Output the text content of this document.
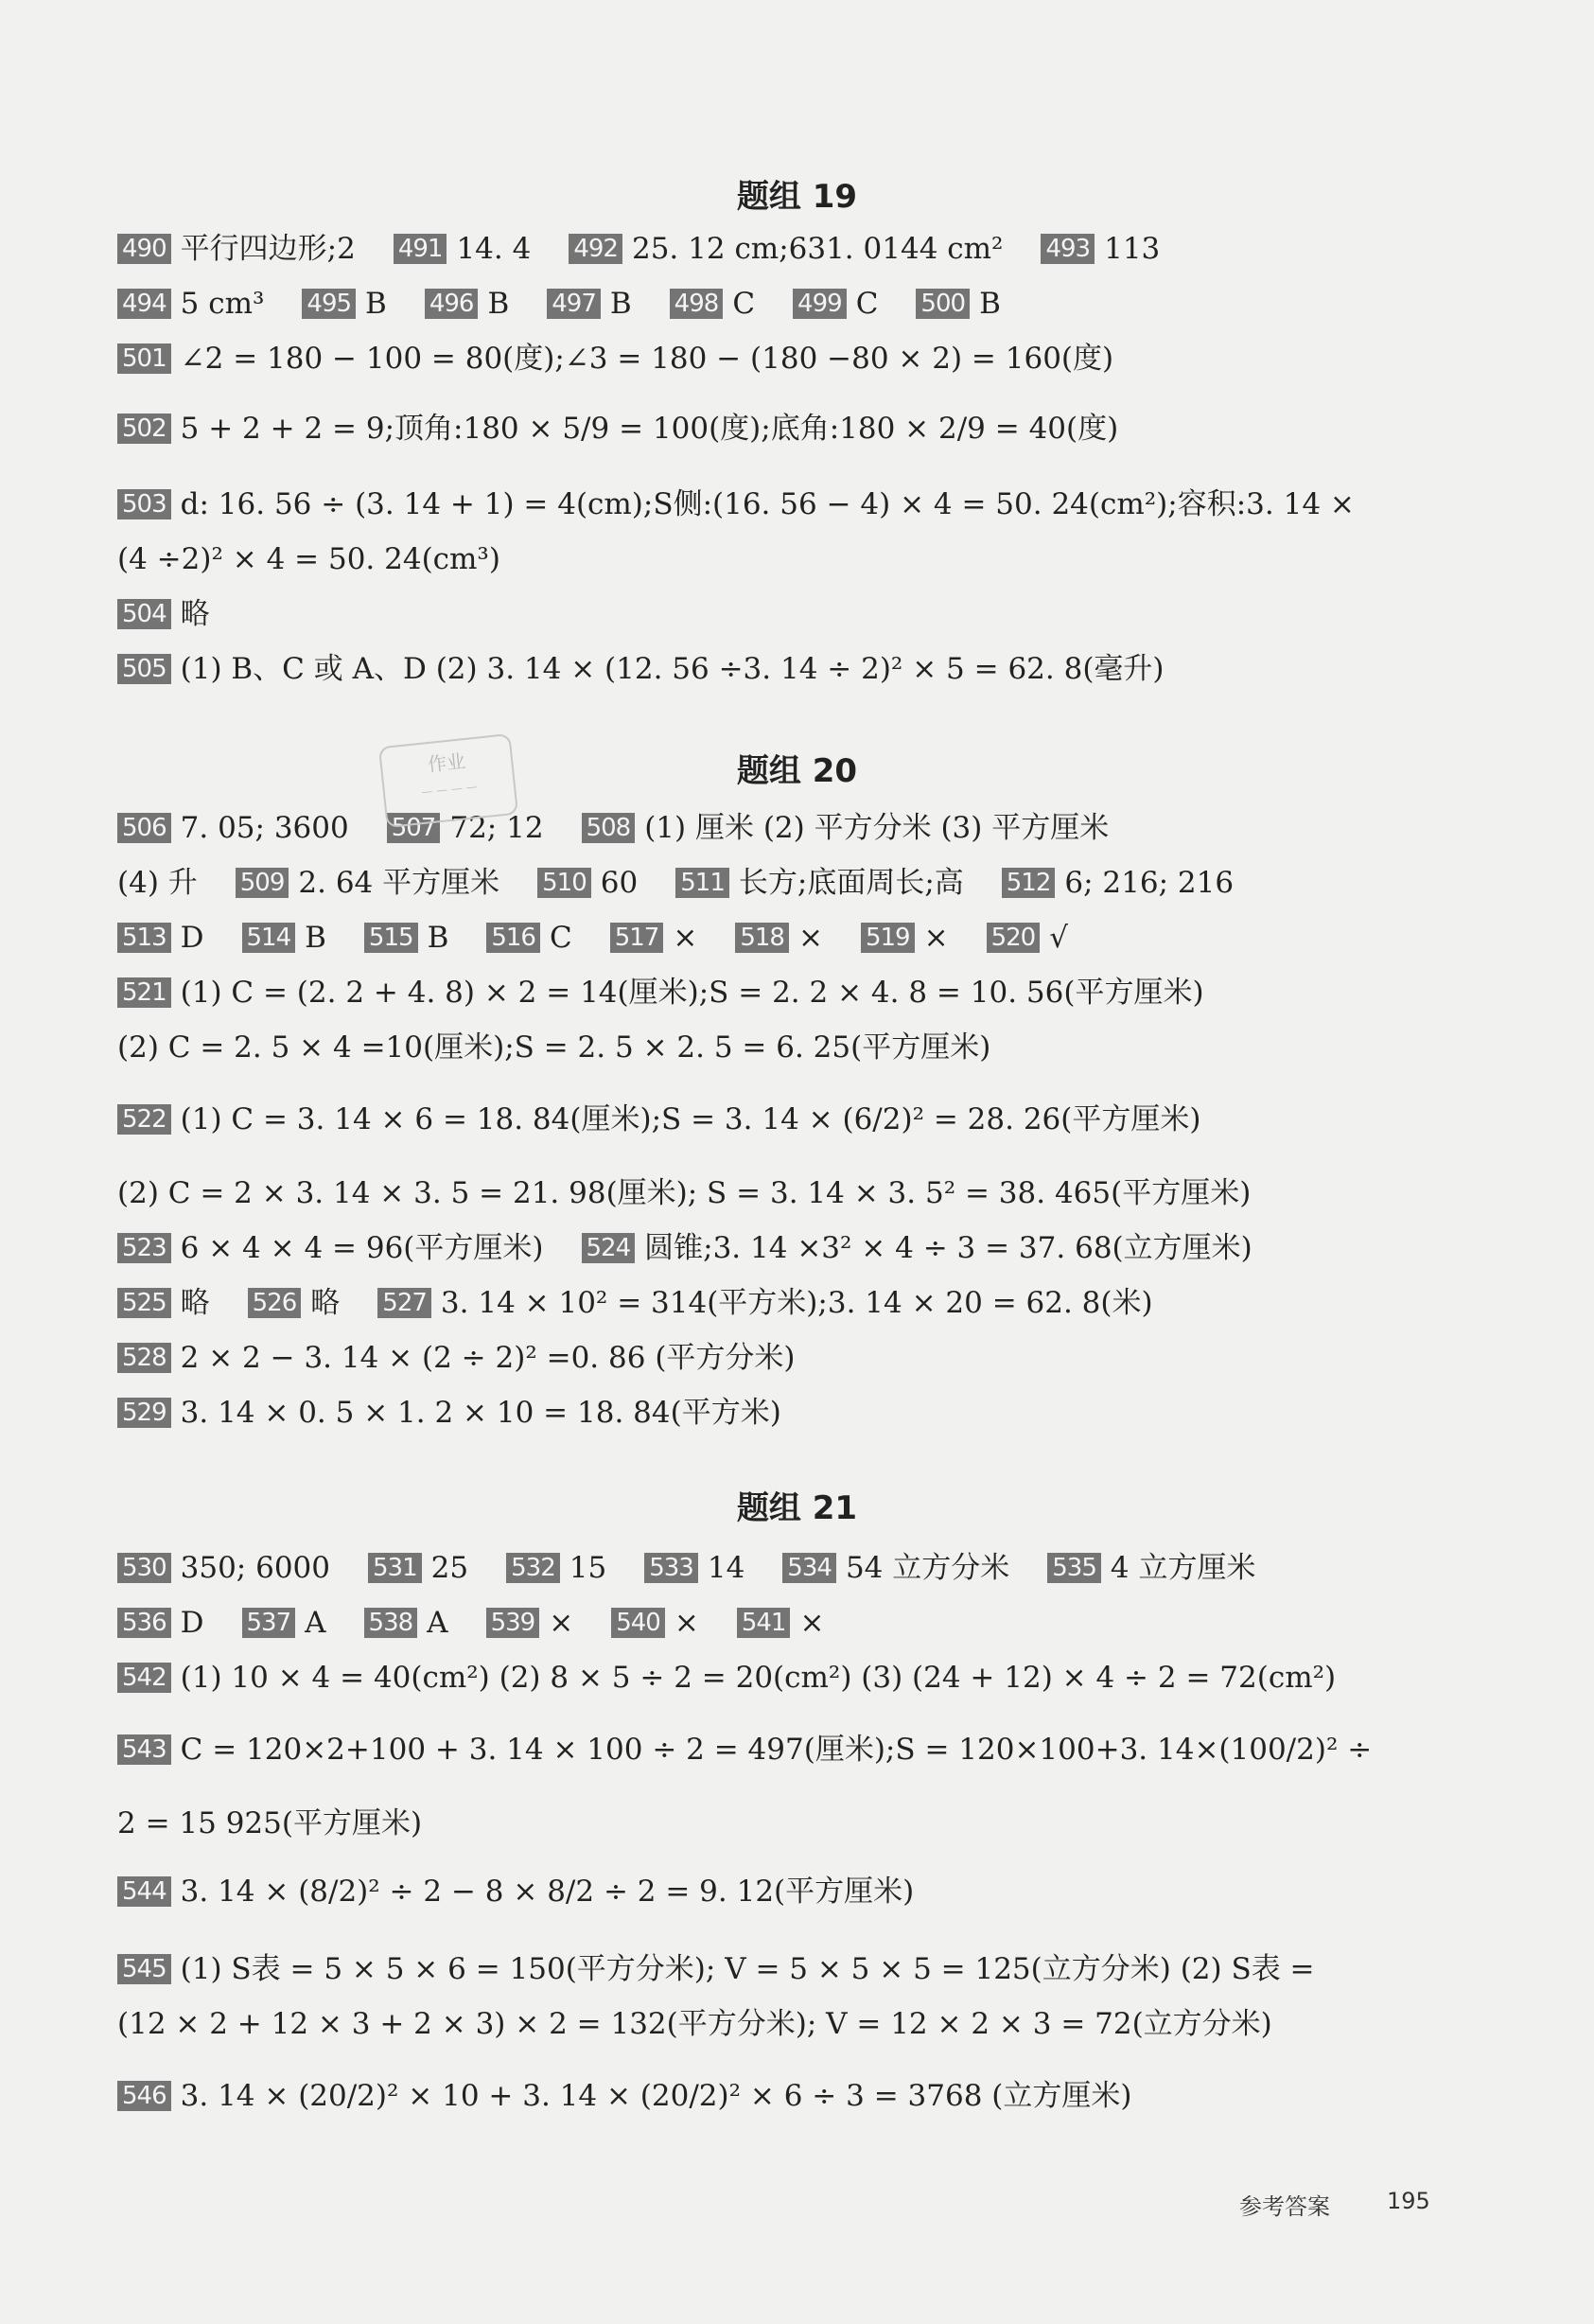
题组 19
题组 20
题组 21
490 平行四边形;2 491 14. 4 492 25. 12 cm;631. 0144 cm² 493 113
494 5 cm³ 495 B 496 B 497 B 498 C 499 C 500 B
501 ∠2 = 180 − 100 = 80(度);∠3 = 180 − (180 −80 × 2) = 160(度)
502 5 + 2 + 2 = 9;顶角:180 × 5/9 = 100(度);底角:180 × 2/9 = 40(度)
503 d: 16. 56 ÷ (3. 14 + 1) = 4(cm);S侧:(16. 56 − 4) × 4 = 50. 24(cm²);容积:3. 14 ×
(4 ÷2)² × 4 = 50. 24(cm³)
504 略
505 (1) B、C 或 A、D (2) 3. 14 × (12. 56 ÷3. 14 ÷ 2)² × 5 = 62. 8(毫升)
506 7. 05; 3600 507 72; 12 508 (1) 厘米 (2) 平方分米 (3) 平方厘米
(4) 升 509 2. 64 平方厘米 510 60 511 长方;底面周长;高 512 6; 216; 216
513 D 514 B 515 B 516 C 517 × 518 × 519 × 520 √
521 (1) C = (2. 2 + 4. 8) × 2 = 14(厘米);S = 2. 2 × 4. 8 = 10. 56(平方厘米)
(2) C = 2. 5 × 4 =10(厘米);S = 2. 5 × 2. 5 = 6. 25(平方厘米)
522 (1) C = 3. 14 × 6 = 18. 84(厘米);S = 3. 14 × (6/2)² = 28. 26(平方厘米)
(2) C = 2 × 3. 14 × 3. 5 = 21. 98(厘米); S = 3. 14 × 3. 5² = 38. 465(平方厘米)
523 6 × 4 × 4 = 96(平方厘米) 524 圆锥;3. 14 ×3² × 4 ÷ 3 = 37. 68(立方厘米)
525 略 526 略 527 3. 14 × 10² = 314(平方米);3. 14 × 20 = 62. 8(米)
528 2 × 2 − 3. 14 × (2 ÷ 2)² =0. 86 (平方分米)
529 3. 14 × 0. 5 × 1. 2 × 10 = 18. 84(平方米)
530 350; 6000 531 25 532 15 533 14 534 54 立方分米 535 4 立方厘米
536 D 537 A 538 A 539 × 540 × 541 ×
542 (1) 10 × 4 = 40(cm²) (2) 8 × 5 ÷ 2 = 20(cm²) (3) (24 + 12) × 4 ÷ 2 = 72(cm²)
543 C = 120×2+100 + 3. 14 × 100 ÷ 2 = 497(厘米);S = 120×100+3. 14×(100/2)² ÷
2 = 15 925(平方厘米)
544 3. 14 × (8/2)² ÷ 2 − 8 × 8/2 ÷ 2 = 9. 12(平方厘米)
545 (1) S表 = 5 × 5 × 6 = 150(平方分米); V = 5 × 5 × 5 = 125(立方分米) (2) S表 =
(12 × 2 + 12 × 3 + 2 × 3) × 2 = 132(平方分米); V = 12 × 2 × 3 = 72(立方分米)
546 3. 14 × (20/2)² × 10 + 3. 14 × (20/2)² × 6 ÷ 3 = 3768 (立方厘米)
作业
— — — —
参考答案	195
